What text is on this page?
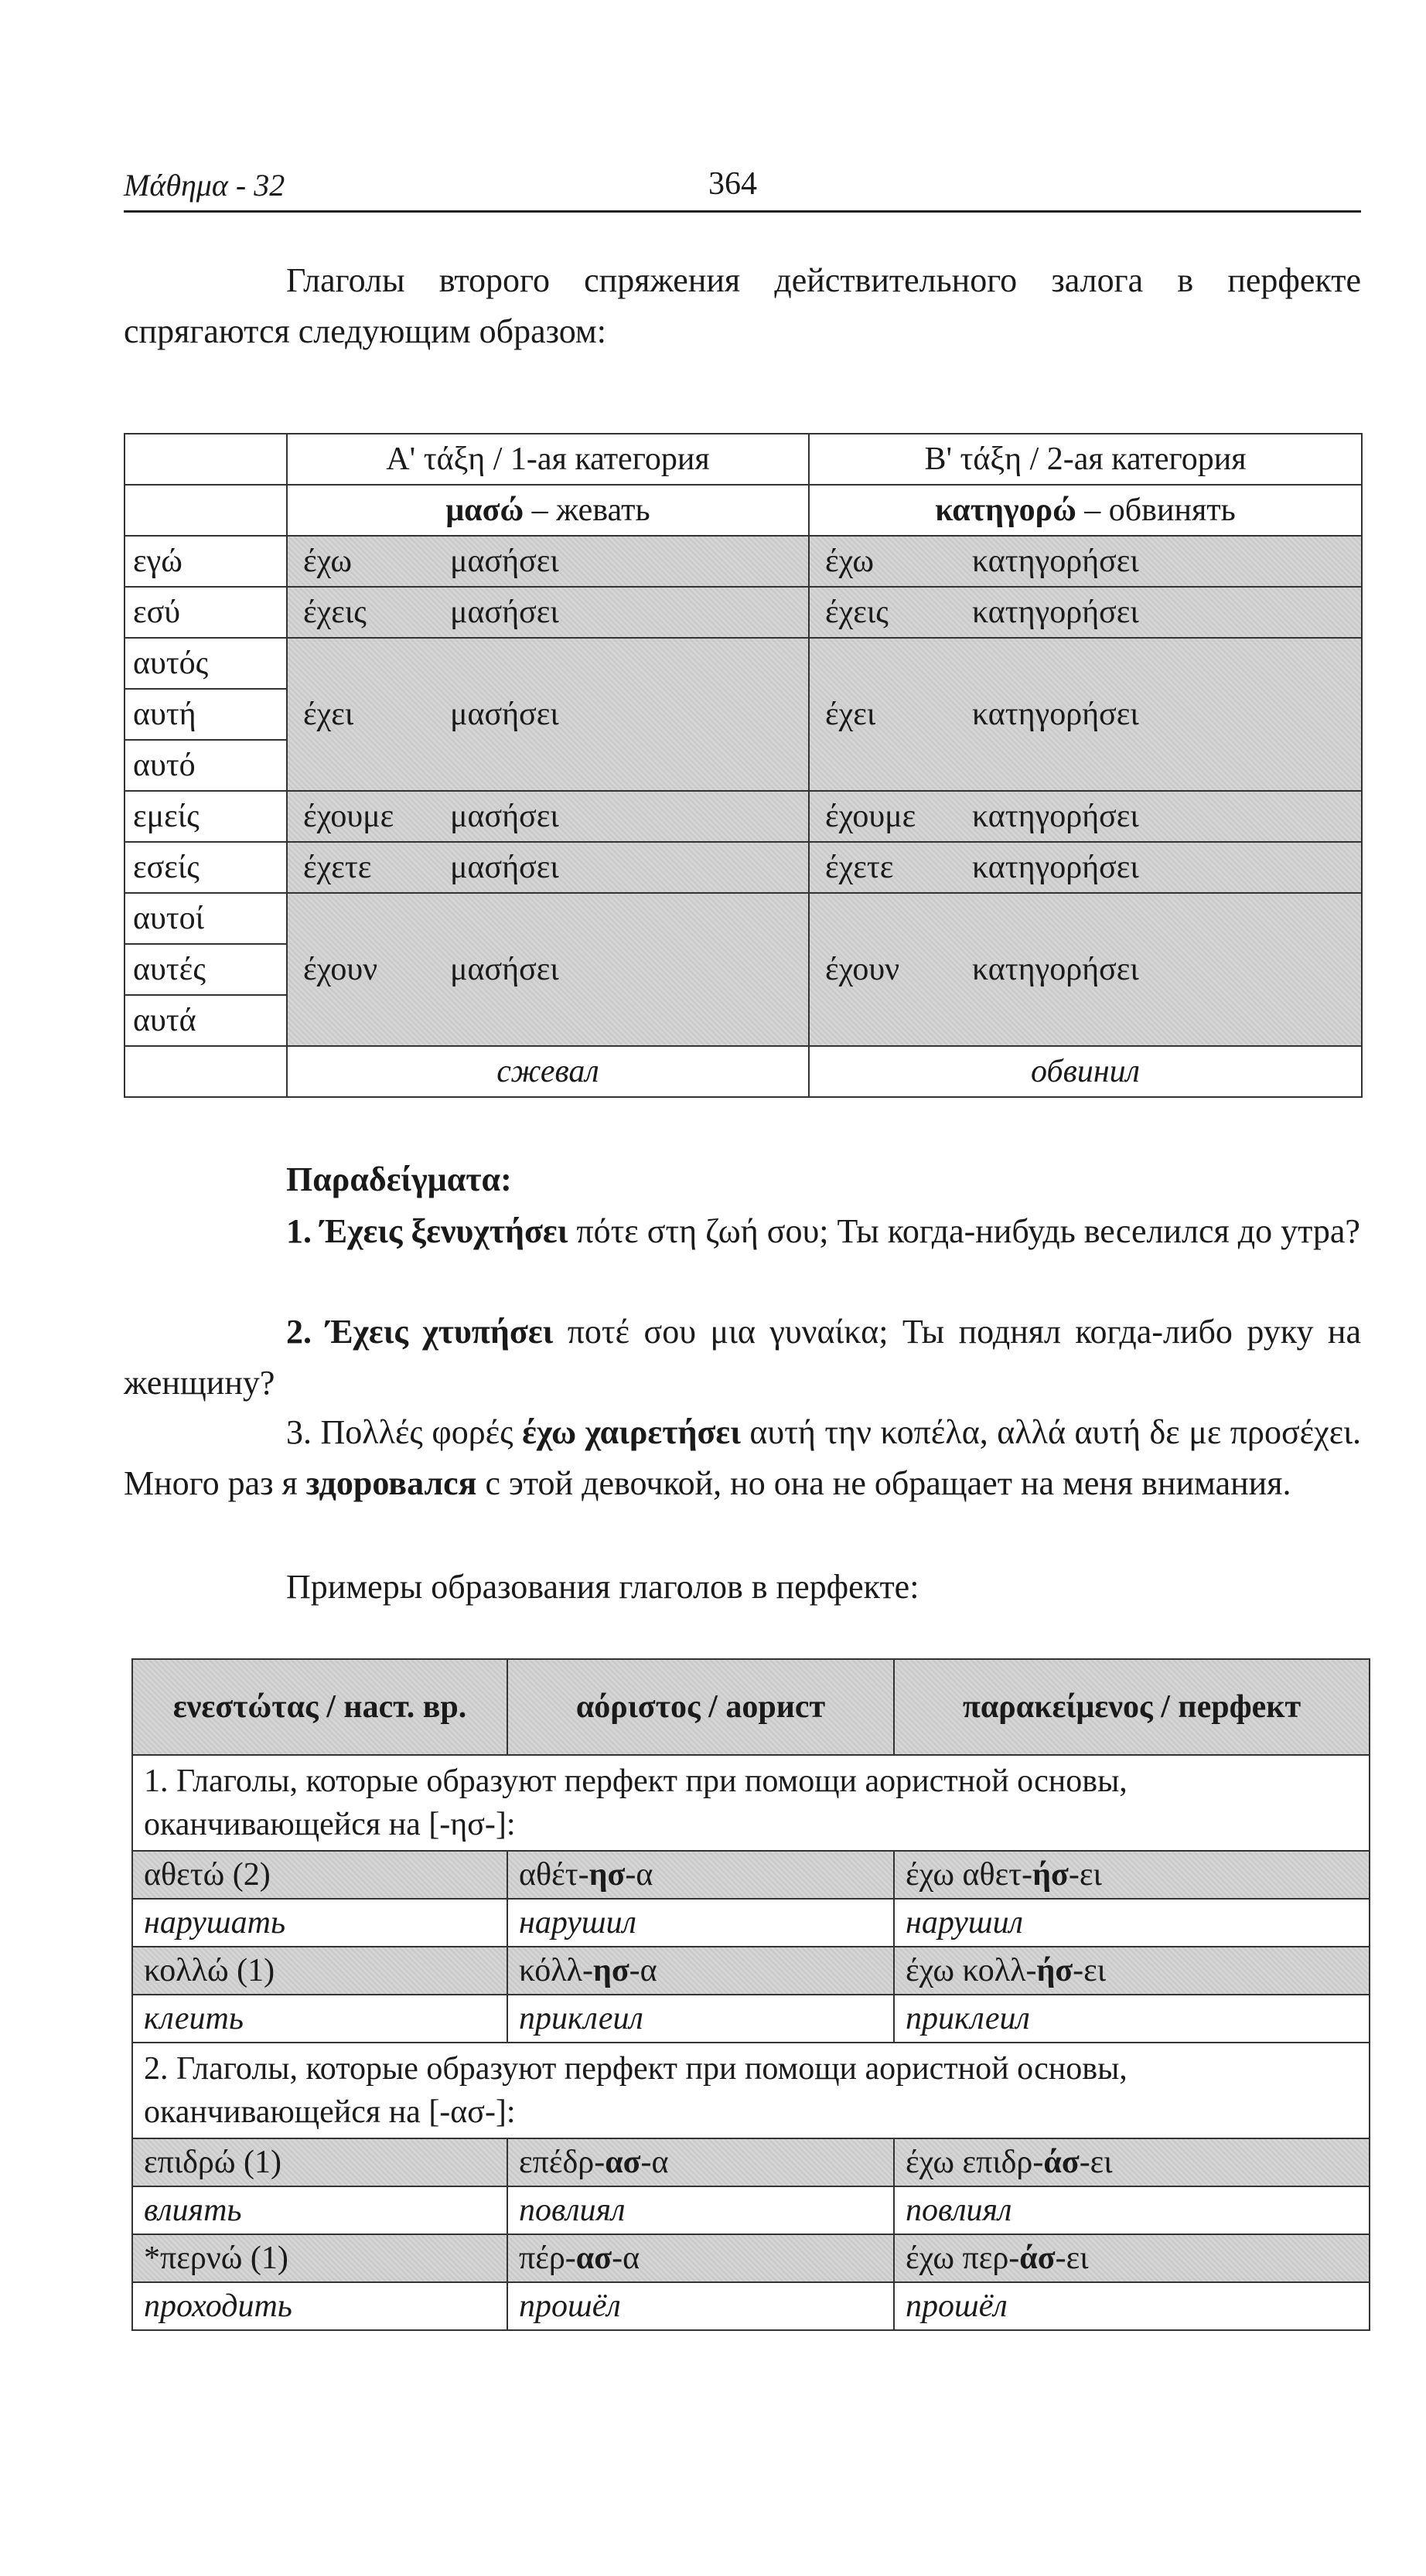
Μάθημα - 32	364
Глаголы второго спряжения действительного залога в перфекте спрягаются следующим образом:
	Α' τάξη / 1-ая категория	Β' τάξη / 2-ая категория
	μασώ – жевать	κατηγορώ – обвинять
εγώ	έχω μασήσει	έχω κατηγορήσει
εσύ	έχεις μασήσει	έχεις κατηγορήσει
αυτός	έχει μασήσει	έχει κατηγορήσει
αυτή		
αυτό		
εμείς	έχουμε μασήσει	έχουμε κατηγορήσει
εσείς	έχετε μασήσει	έχετε κατηγορήσει
αυτοί	έχουν μασήσει	έχουν κατηγορήσει
αυτές		
αυτά		
	сжевал	обвинил
Παραδείγματα:
1. Έχεις ξενυχτήσει πότε στη ζωή σου; Ты когда-нибудь веселился до утра?
2. Έχεις χτυπήσει ποτέ σου μια γυναίκα; Ты поднял когда-либо руку на женщину?
3. Πολλές φορές έχω χαιρετήσει αυτή την κοπέλα, αλλά αυτή δε με προσέχει. Много раз я здоровался с этой девочкой, но она не обращает на меня внимания.
Примеры образования глаголов в перфекте:
ενεστώτας / наст. вр.	αόριστος / аорист	παρακείμενος / перфект
1. Глаголы, которые образуют перфект при помощи аористной основы, оканчивающейся на [-ησ-]:		
αθετώ (2)	αθέτ-ησ-α	έχω αθετ-ήσ-ει
нарушать	нарушил	нарушил
κολλώ (1)	κόλλ-ησ-α	έχω κολλ-ήσ-ει
клеить	приклеил	приклеил
2. Глаголы, которые образуют перфект при помощи аористной основы, оканчивающейся на [-ασ-]:		
επιδρώ (1)	επέδρ-ασ-α	έχω επιδρ-άσ-ει
влиять	повлиял	повлиял
*περνώ (1)	πέρ-ασ-α	έχω περ-άσ-ει
проходить	прошёл	прошёл
